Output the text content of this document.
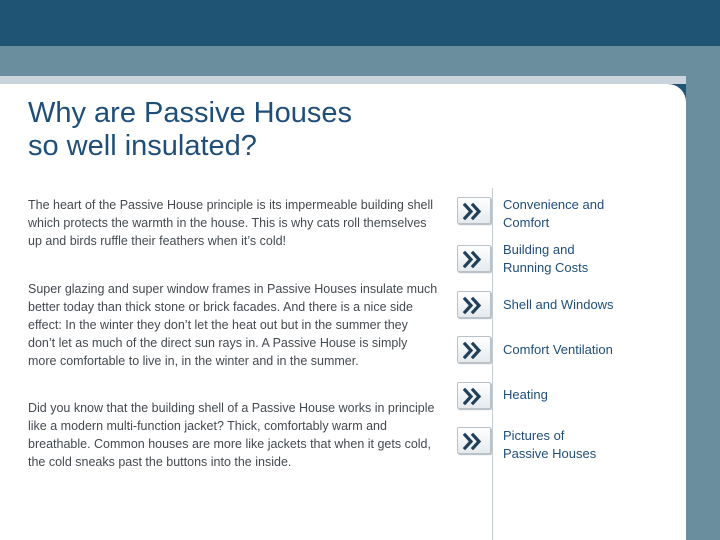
Why are Passive Houses
so well insulated?

The heart of the Passive House principle is its impermeable building shell which protects the warmth in the house. This is why cats roll themselves up and birds ruffle their feathers when it’s cold!

Super glazing and super window frames in Passive Houses insulate much better today than thick stone or brick facades. And there is a nice side effect: In the winter they don’t let the heat out but in the summer they don’t let as much of the direct sun rays in. A Passive House is simply more comfortable to live in, in the winter and in the summer.

Did you know that the building shell of a Passive House works in principle like a modern multi-function jacket? Thick, comfortably warm and breathable. Common houses are more like jackets that when it gets cold, the cold sneaks past the buttons into the inside.

Convenience and
Comfort
Building and
Running Costs
Shell and Windows
Comfort Ventilation
Heating
Pictures of
Passive Houses
